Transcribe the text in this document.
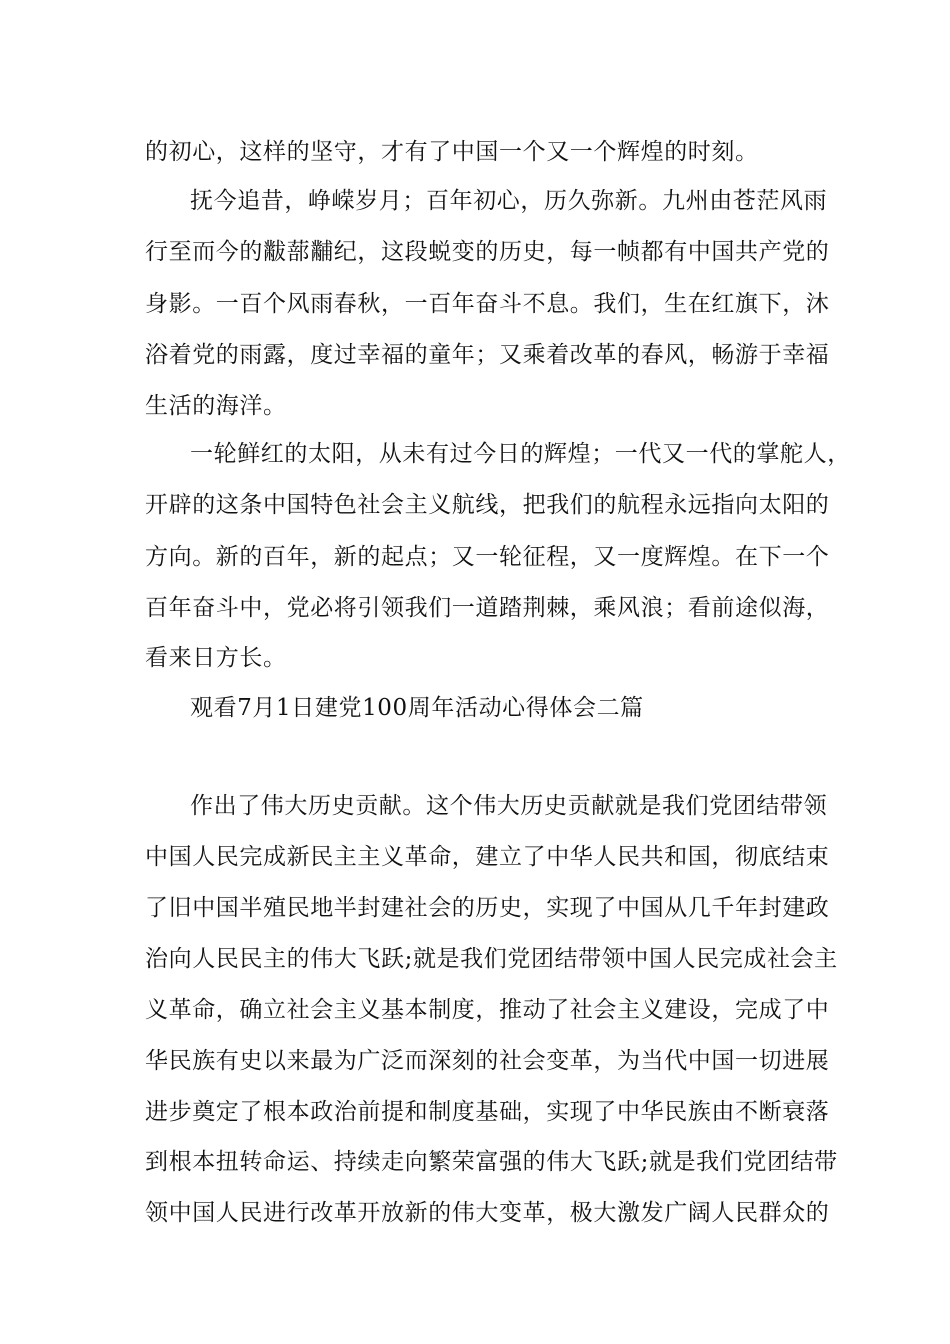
的初心，这样的坚守，才有了中国一个又一个辉煌的时刻。

抚今追昔，峥嵘岁月；百年初心，历久弥新。九州由苍茫风雨

行至而今的黻蔀黼纪，这段蜕变的历史，每一帧都有中国共产党的

身影。一百个风雨春秋，一百年奋斗不息。我们，生在红旗下，沐

浴着党的雨露，度过幸福的童年；又乘着改革的春风，畅游于幸福

生活的海洋。

一轮鲜红的太阳，从未有过今日的辉煌；一代又一代的掌舵人，

开辟的这条中国特色社会主义航线，把我们的航程永远指向太阳的

方向。新的百年，新的起点；又一轮征程，又一度辉煌。在下一个

百年奋斗中，党必将引领我们一道踏荆棘，乘风浪；看前途似海，

看来日方长。

观看7月1日建党100周年活动心得体会二篇

作出了伟大历史贡献。这个伟大历史贡献就是我们党团结带领

中国人民完成新民主主义革命，建立了中华人民共和国，彻底结束

了旧中国半殖民地半封建社会的历史，实现了中国从几千年封建政

治向人民民主的伟大飞跃;就是我们党团结带领中国人民完成社会主

义革命，确立社会主义基本制度，推动了社会主义建设，完成了中

华民族有史以来最为广泛而深刻的社会变革，为当代中国一切进展

进步奠定了根本政治前提和制度基础，实现了中华民族由不断衰落

到根本扭转命运、持续走向繁荣富强的伟大飞跃;就是我们党团结带

领中国人民进行改革开放新的伟大变革，极大激发广阔人民群众的
